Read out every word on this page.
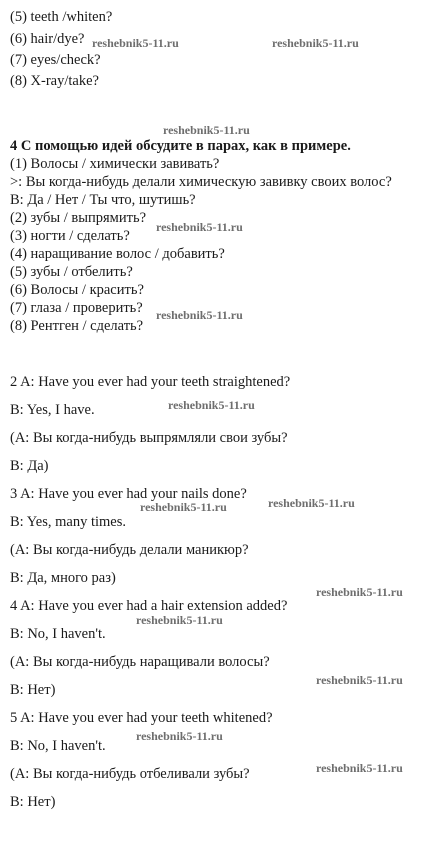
(5) teeth /whiten?
(6) hair/dye?
(7) eyes/check?
(8) X-ray/take?
4 С помощью идей обсудите в парах, как в примере.
(1) Волосы / химически завивать?
>: Вы когда-нибудь делали химическую завивку своих волос?
В: Да / Нет / Ты что, шутишь?
(2) зубы / выпрямить?
(3) ногти / сделать?
(4) наращивание волос / добавить?
(5) зубы / отбелить?
(6) Волосы / красить?
(7) глаза / проверить?
(8) Рентген / сделать?
2 A: Have you ever had your teeth straightened?
B: Yes, I have.
(А: Вы когда-нибудь выпрямляли свои зубы?
В: Да)
3 A: Have you ever had your nails done?
B: Yes, many times.
(А: Вы когда-нибудь делали маникюр?
В: Да, много раз)
4 A: Have you ever had a hair extension added?
B: No, I haven't.
(А: Вы когда-нибудь наращивали волосы?
В: Нет)
5 A: Have you ever had your teeth whitened?
B: No, I haven't.
(А: Вы когда-нибудь отбеливали зубы?
В: Нет)
reshebnik5-11.ru	reshebnik5-11.ru
reshebnik5-11.ru
reshebnik5-11.ru
reshebnik5-11.ru
reshebnik5-11.ru
reshebnik5-11.ru
reshebnik5-11.ru
reshebnik5-11.ru
reshebnik5-11.ru
reshebnik5-11.ru
reshebnik5-11.ru
reshebnik5-11.ru
